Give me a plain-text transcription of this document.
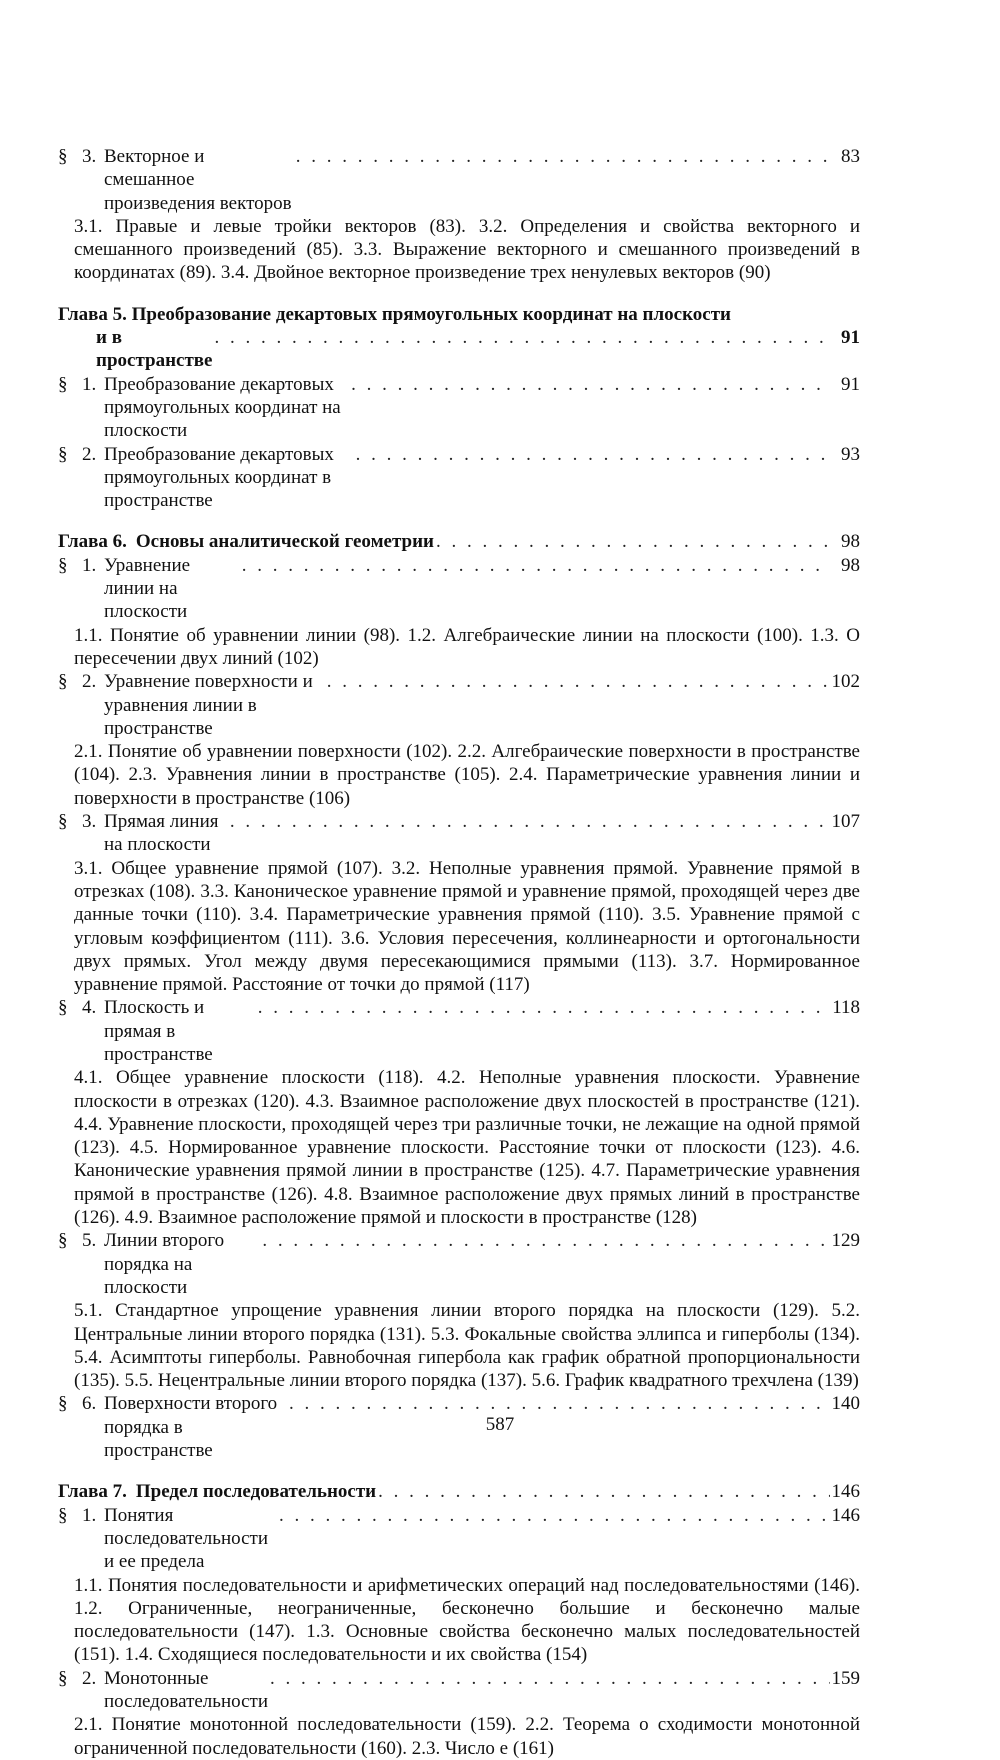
§ 3. Векторное и смешанное произведения векторов
. . .
83
3.1. Правые и левые тройки векторов (83). 3.2. Определения и свойства векторного и смешанного произведений (85). 3.3. Выражение векторного и смешанного произведений в координатах (89). 3.4. Двойное векторное произведение трех ненулевых векторов (90)
Глава 5. Преобразование декартовых прямоугольных координат на плоскости
и в пространстве
. . .
91
§ 1. Преобразование декартовых прямоугольных координат на плоскости
. . .
91
§ 2. Преобразование декартовых прямоугольных координат в пространстве
. . .
93
Глава 6. Основы аналитической геометрии . . .	98
§ 1. Уравнение линии на плоскости
. . .
98
1.1. Понятие об уравнении линии (98). 1.2. Алгебраические линии на плоскости (100). 1.3. О пересечении двух линий (102)
§ 2. Уравнение поверхности и уравнения линии в пространстве
. . .
102
2.1. Понятие об уравнении поверхности (102). 2.2. Алгебраические поверхности в пространстве (104). 2.3. Уравнения линии в пространстве (105). 2.4. Параметрические уравнения линии и поверхности в пространстве (106)
§ 3. Прямая линия на плоскости
. . .
107
3.1. Общее уравнение прямой (107). 3.2. Неполные уравнения прямой. Уравнение прямой в отрезках (108). 3.3. Каноническое уравнение прямой и уравнение прямой, проходящей через две данные точки (110). 3.4. Параметрические уравнения прямой (110). 3.5. Уравнение прямой с угловым коэффициентом (111). 3.6. Условия пересечения, коллинеарности и ортогональности двух прямых. Угол между двумя пересекающимися прямыми (113). 3.7. Нормированное уравнение прямой. Расстояние от точки до прямой (117)
§ 4. Плоскость и прямая в пространстве
. . .
118
4.1. Общее уравнение плоскости (118). 4.2. Неполные уравнения плоскости. Уравнение плоскости в отрезках (120). 4.3. Взаимное расположение двух плоскостей в пространстве (121). 4.4. Уравнение плоскости, проходящей через три различные точки, не лежащие на одной прямой (123). 4.5. Нормированное уравнение плоскости. Расстояние точки от плоскости (123). 4.6. Канонические уравнения прямой линии в пространстве (125). 4.7. Параметрические уравнения прямой в пространстве (126). 4.8. Взаимное расположение двух прямых линий в пространстве (126). 4.9. Взаимное расположение прямой и плоскости в пространстве (128)
§ 5. Линии второго порядка на плоскости
. . .
129
5.1. Стандартное упрощение уравнения линии второго порядка на плоскости (129). 5.2. Центральные линии второго порядка (131). 5.3. Фокальные свойства эллипса и гиперболы (134). 5.4. Асимптоты гиперболы. Равнобочная гипербола как график обратной пропорциональности (135). 5.5. Нецентральные линии второго порядка (137). 5.6. График квадратного трехчлена (139)
§ 6. Поверхности второго порядка в пространстве
. . .
140
Глава 7. Предел последовательности . . .	146
§ 1. Понятия последовательности и ее предела
. . .
146
1.1. Понятия последовательности и арифметических операций над последовательностями (146). 1.2. Ограниченные, неограниченные, бесконечно большие и бесконечно малые последовательности (147). 1.3. Основные свойства бесконечно малых последовательностей (151). 1.4. Сходящиеся последовательности и их свойства (154)
§ 2. Монотонные последовательности
. . .
159
2.1. Понятие монотонной последовательности (159). 2.2. Теорема о сходимости монотонной ограниченной последовательности (160). 2.3. Число e (161)
587
